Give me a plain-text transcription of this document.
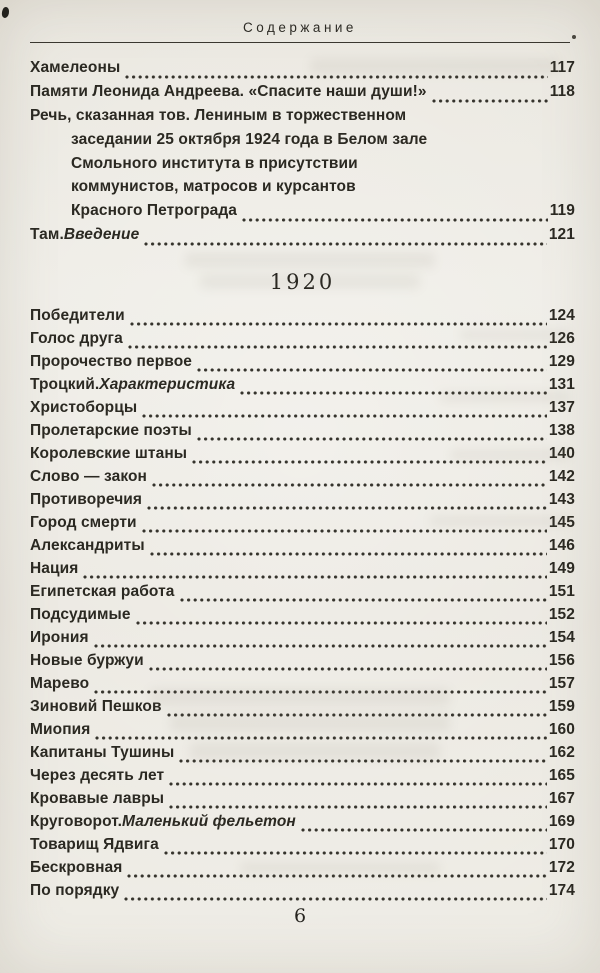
Содержание
Хамелеоны	117
Памяти Леонида Андреева. «Спасите наши души!»	118
Речь, сказанная тов. Лениным в торжественном
заседании 25 октября 1924 года в Белом зале
Смольного института в присутствии
коммунистов, матросов и курсантов
Красного Петрограда	119
Там. Введение	121
1920
Победители	124
Голос друга	126
Пророчество первое	129
Троцкий. Характеристика	131
Христоборцы	137
Пролетарские поэты	138
Королевские штаны	140
Слово — закон	142
Противоречия	143
Город смерти	145
Александриты	146
Нация	149
Египетская работа	151
Подсудимые	152
Ирония	154
Новые буржуи	156
Марево	157
Зиновий Пешков	159
Миопия	160
Капитаны Тушины	162
Через десять лет	165
Кровавые лавры	167
Круговорот. Маленький фельетон	169
Товарищ Ядвига	170
Бескровная	172
По порядку	174
6
